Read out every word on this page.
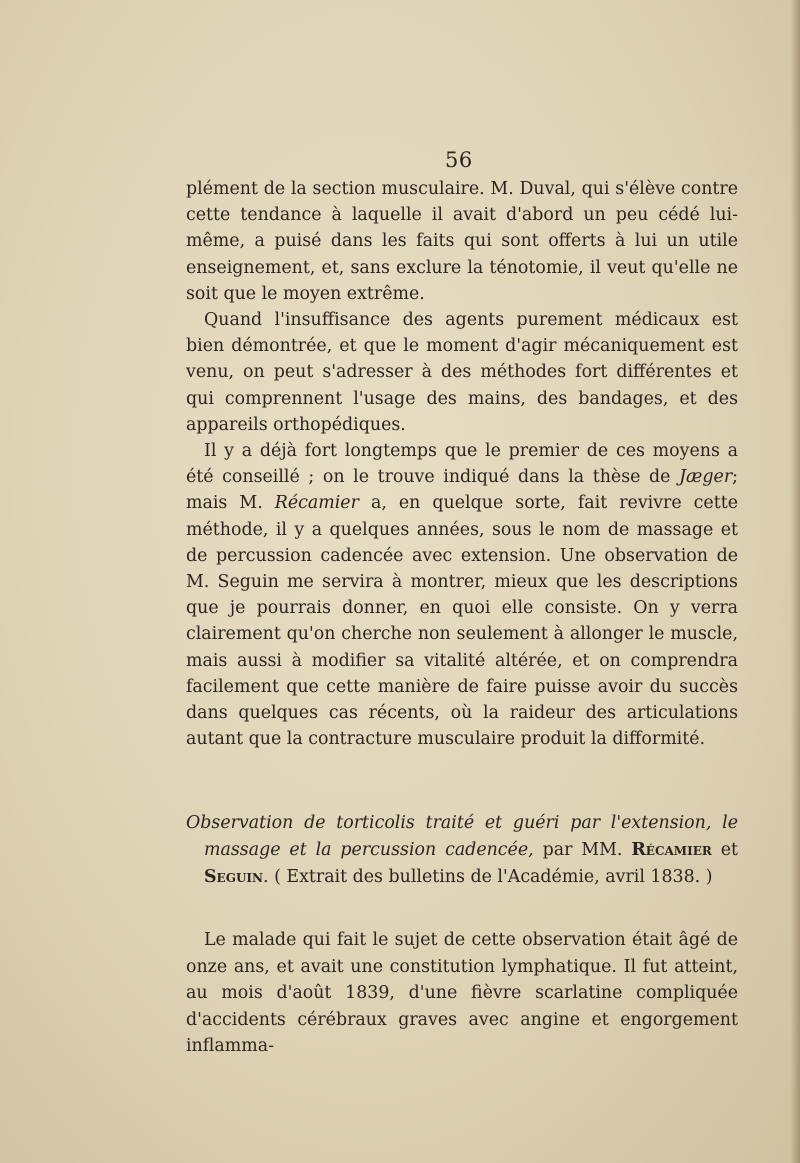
56

plément de la section musculaire. M. Duval, qui s'élève contre cette tendance à laquelle il avait d'abord un peu cédé lui-même, a puisé dans les faits qui sont offerts à lui un utile enseignement, et, sans exclure la ténotomie, il veut qu'elle ne soit que le moyen extrême.

Quand l'insuffisance des agents purement médicaux est bien démontrée, et que le moment d'agir mécaniquement est venu, on peut s'adresser à des méthodes fort différentes et qui comprennent l'usage des mains, des bandages, et des appareils orthopédiques.

Il y a déjà fort longtemps que le premier de ces moyens a été conseillé ; on le trouve indiqué dans la thèse de Jæger; mais M. Récamier a, en quelque sorte, fait revivre cette méthode, il y a quelques années, sous le nom de massage et de percussion cadencée avec extension. Une observation de M. Seguin me servira à montrer, mieux que les descriptions que je pourrais donner, en quoi elle consiste. On y verra clairement qu'on cherche non seulement à allonger le muscle, mais aussi à modifier sa vitalité altérée, et on comprendra facilement que cette manière de faire puisse avoir du succès dans quelques cas récents, où la raideur des articulations autant que la contracture musculaire produit la difformité.

Observation de torticolis traité et guéri par l'extension, le massage et la percussion cadencée, par MM. Récamier et Seguin. ( Extrait des bulletins de l'Académie, avril 1838. )

Le malade qui fait le sujet de cette observation était âgé de onze ans, et avait une constitution lymphatique. Il fut atteint, au mois d'août 1839, d'une fièvre scarlatine compliquée d'accidents cérébraux graves avec angine et engorgement inflamma-
